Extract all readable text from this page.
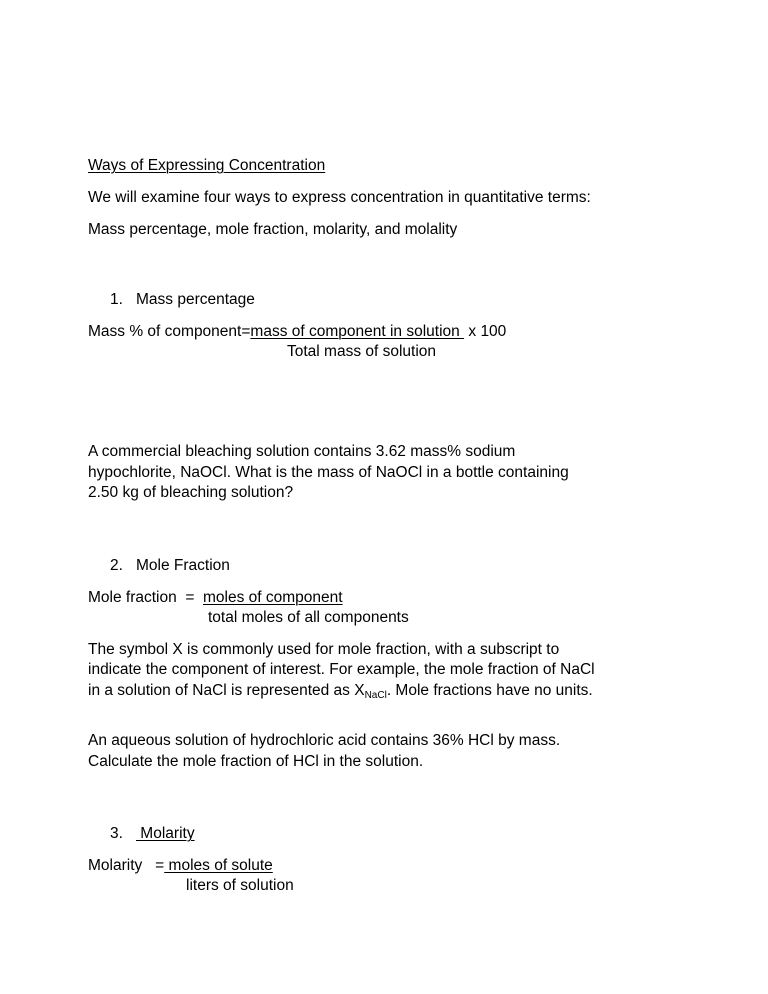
Ways of Expressing Concentration
We will examine four ways to express concentration in quantitative terms:
Mass percentage, mole fraction, molarity, and molality
1. Mass percentage
Mass % of component=mass of component in solution  x 100
Total mass of solution
A commercial bleaching solution contains 3.62 mass% sodium
hypochlorite, NaOCl. What is the mass of NaOCl in a bottle containing
2.50 kg of bleaching solution?
2. Mole Fraction
Mole fraction  =  moles of component
total moles of all components
The symbol X is commonly used for mole fraction, with a subscript to
indicate the component of interest. For example, the mole fraction of NaCl
in a solution of NaCl is represented as $X_{NaCl}$. Mole fractions have no units.
An aqueous solution of hydrochloric acid contains 36% HCl by mass.
Calculate the mole fraction of HCl in the solution.
3. Molarity
Molarity   = moles of solute
liters of solution
